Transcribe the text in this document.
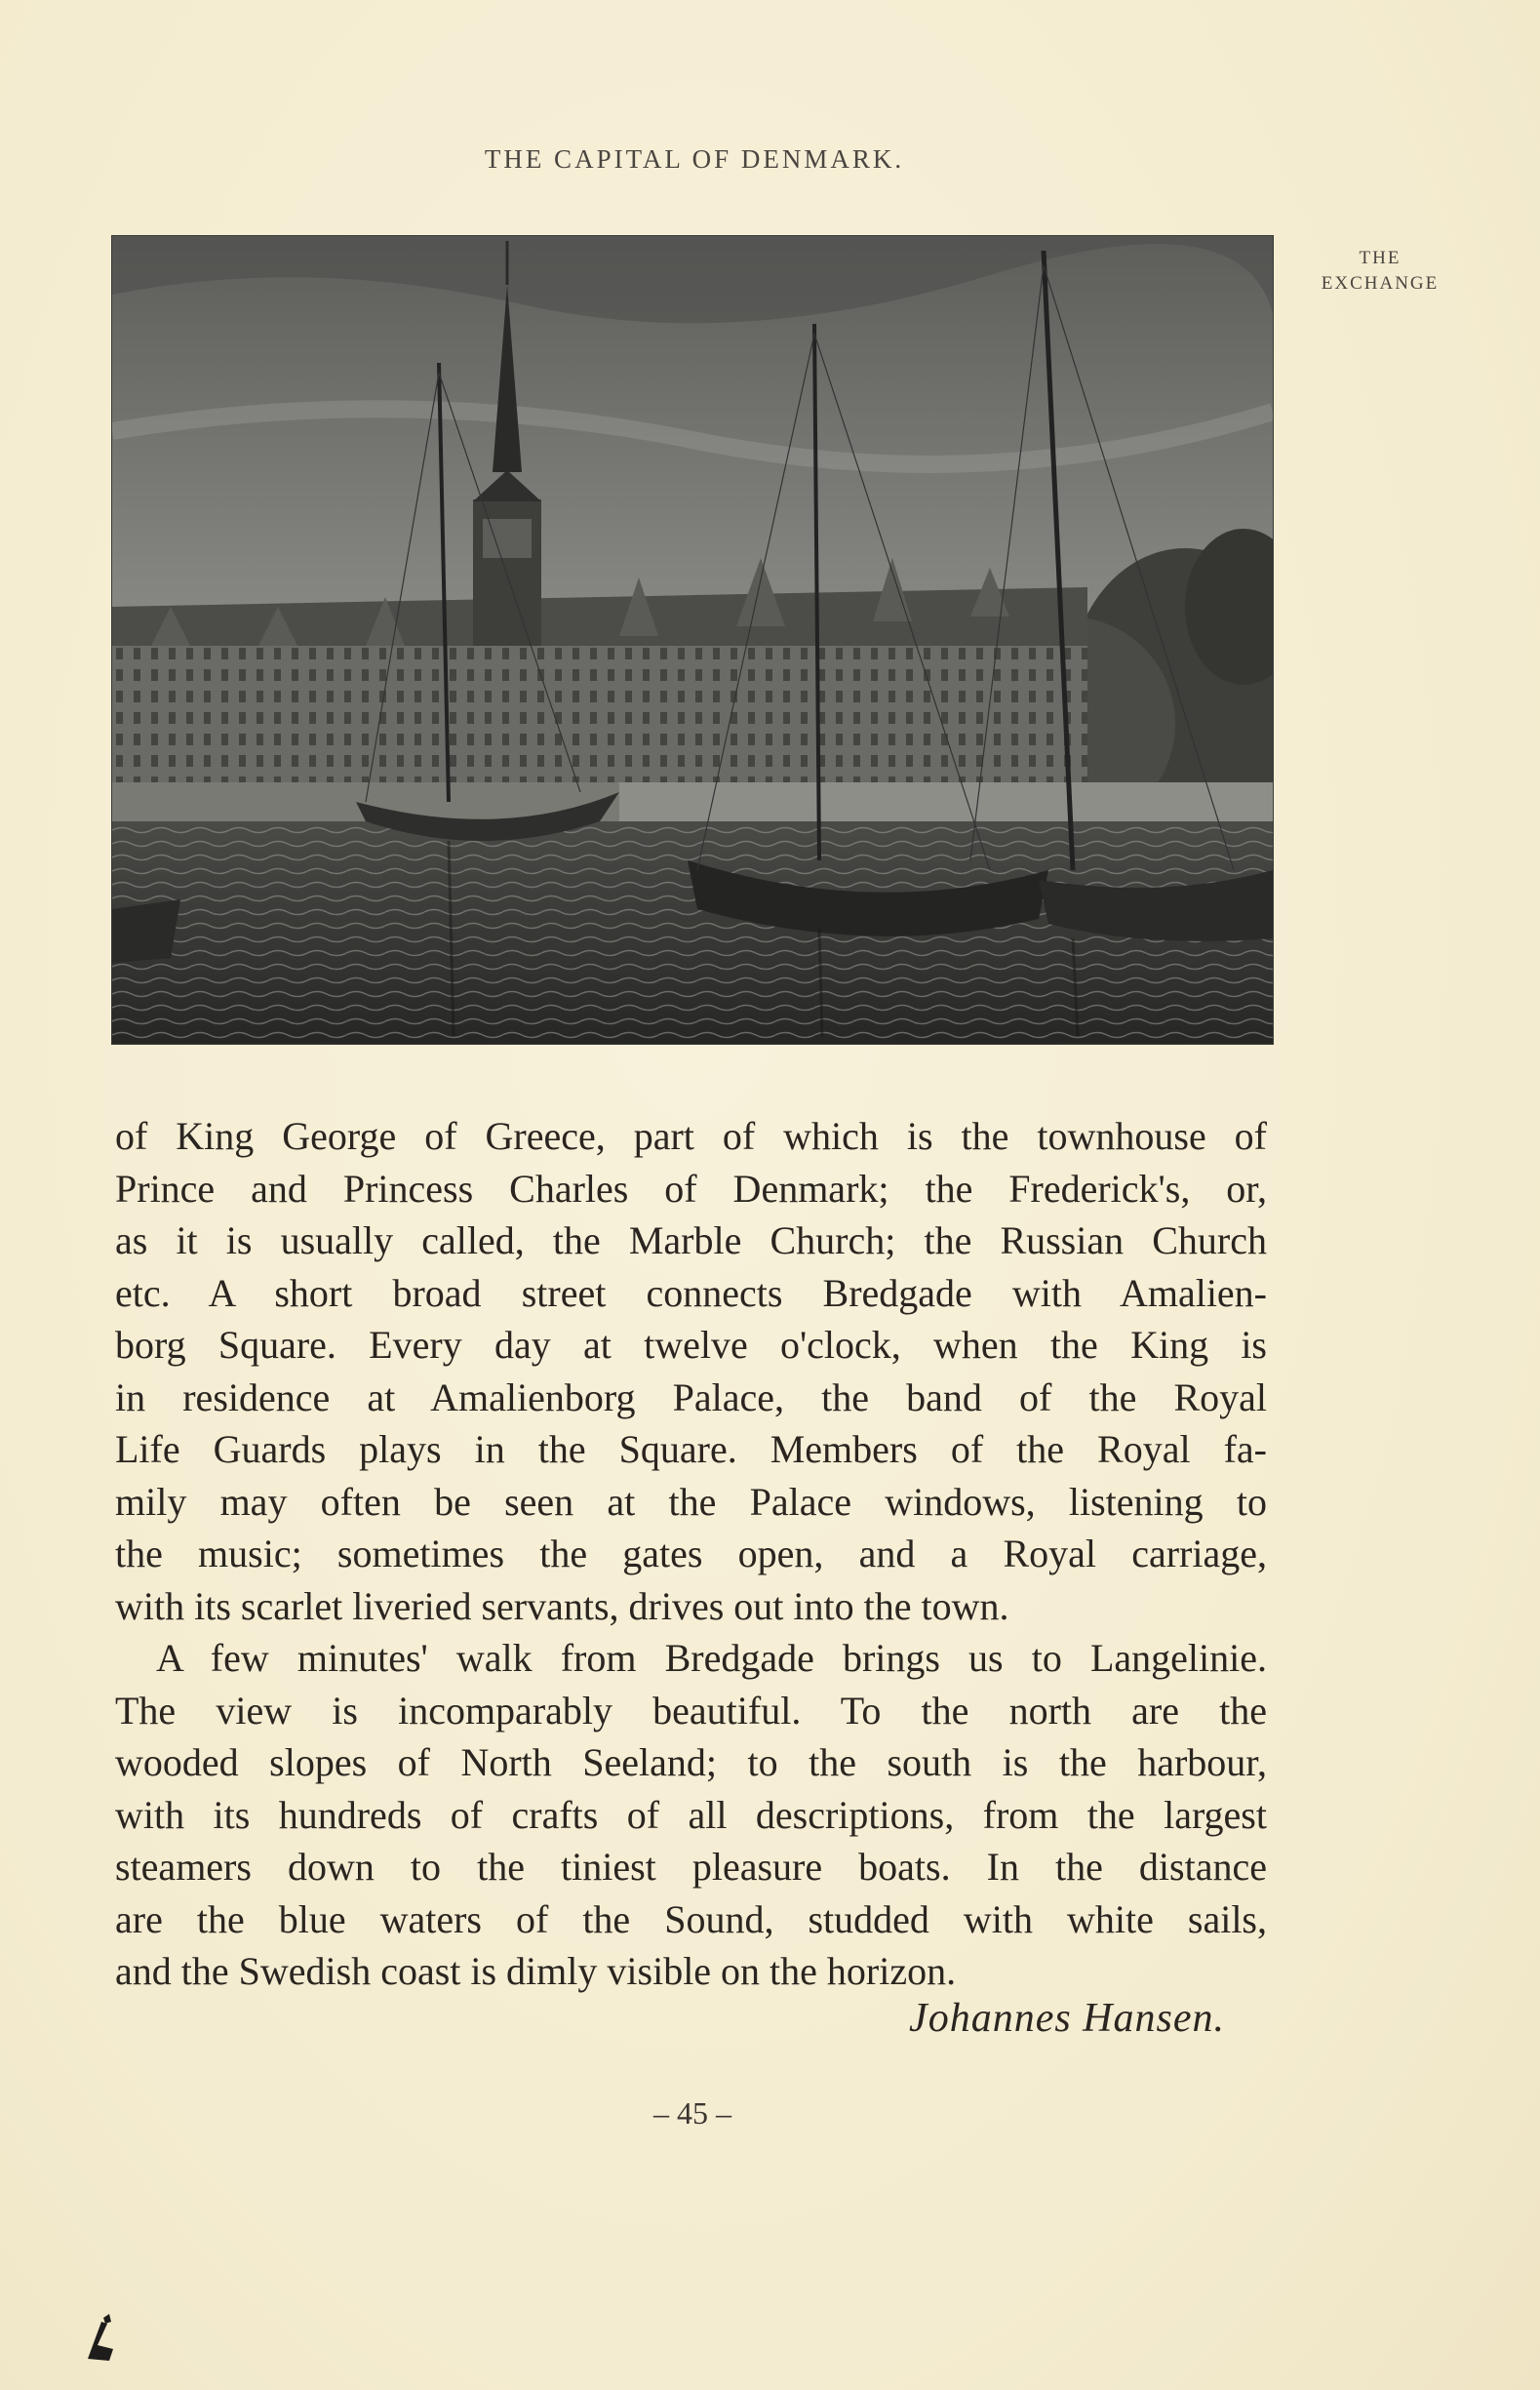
THE CAPITAL OF DENMARK.
THE
EXCHANGE
of King George of Greece, part of which is the townhouse of
Prince and Princess Charles of Denmark; the Frederick's, or,
as it is usually called, the Marble Church; the Russian Church
etc. A short broad street connects Bredgade with Amalien-
borg Square. Every day at twelve o'clock, when the King is
in residence at Amalienborg Palace, the band of the Royal
Life Guards plays in the Square. Members of the Royal fa-
mily may often be seen at the Palace windows, listening to
the music; sometimes the gates open, and a Royal carriage,
with its scarlet liveried servants, drives out into the town.
A few minutes' walk from Bredgade brings us to Langelinie.
The view is incomparably beautiful. To the north are the
wooded slopes of North Seeland; to the south is the harbour,
with its hundreds of crafts of all descriptions, from the largest
steamers down to the tiniest pleasure boats. In the distance
are the blue waters of the Sound, studded with white sails,
and the Swedish coast is dimly visible on the horizon.
Johannes Hansen.
– 45 –
